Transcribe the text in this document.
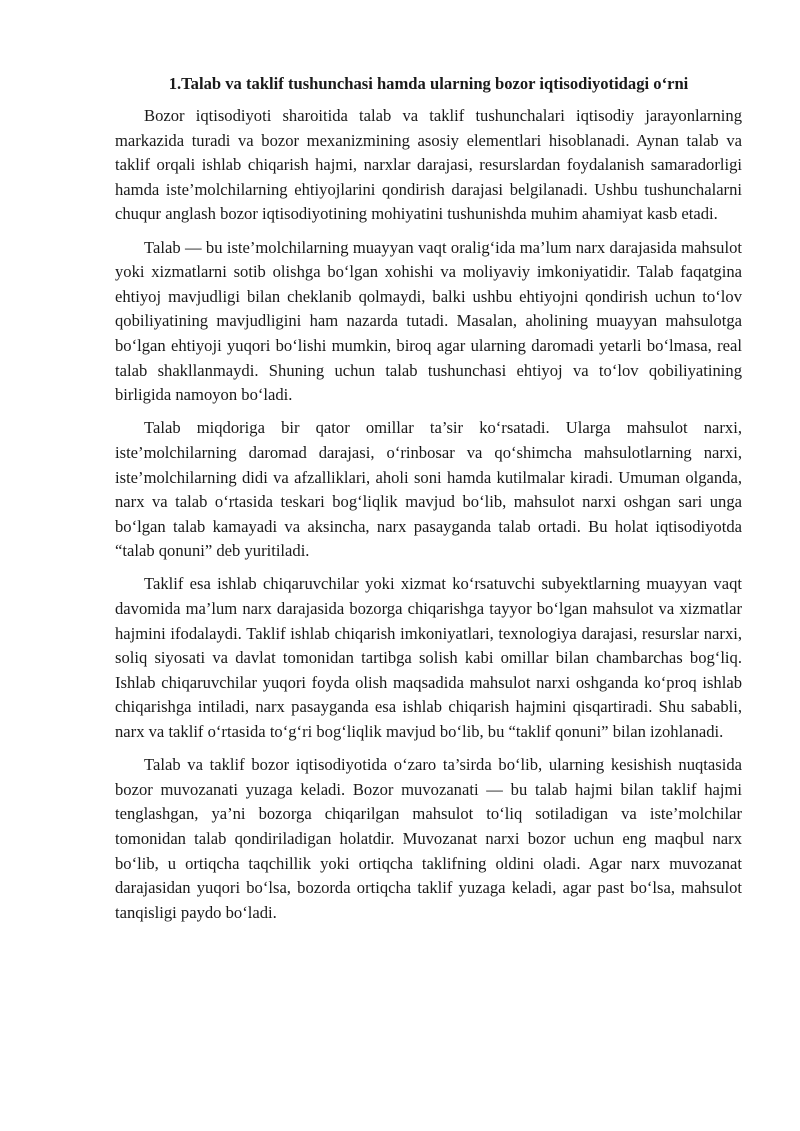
1.Talab va taklif tushunchasi hamda ularning bozor iqtisodiyotidagi o‘rni

Bozor iqtisodiyoti sharoitida talab va taklif tushunchalari iqtisodiy jarayonlarning markazida turadi va bozor mexanizmining asosiy elementlari hisoblanadi. Aynan talab va taklif orqali ishlab chiqarish hajmi, narxlar darajasi, resurslardan foydalanish samaradorligi hamda iste’molchilarning ehtiyojlarini qondirish darajasi belgilanadi. Ushbu tushunchalarni chuqur anglash bozor iqtisodiyotining mohiyatini tushunishda muhim ahamiyat kasb etadi.

Talab — bu iste’molchilarning muayyan vaqt oralig‘ida ma’lum narx darajasida mahsulot yoki xizmatlarni sotib olishga bo‘lgan xohishi va moliyaviy imkoniyatidir. Talab faqatgina ehtiyoj mavjudligi bilan cheklanib qolmaydi, balki ushbu ehtiyojni qondirish uchun to‘lov qobiliyatining mavjudligini ham nazarda tutadi. Masalan, aholining muayyan mahsulotga bo‘lgan ehtiyoji yuqori bo‘lishi mumkin, biroq agar ularning daromadi yetarli bo‘lmasa, real talab shakllanmaydi. Shuning uchun talab tushunchasi ehtiyoj va to‘lov qobiliyatining birligida namoyon bo‘ladi.

Talab miqdoriga bir qator omillar ta’sir ko‘rsatadi. Ularga mahsulot narxi, iste’molchilarning daromad darajasi, o‘rinbosar va qo‘shimcha mahsulotlarning narxi, iste’molchilarning didi va afzalliklari, aholi soni hamda kutilmalar kiradi. Umuman olganda, narx va talab o‘rtasida teskari bog‘liqlik mavjud bo‘lib, mahsulot narxi oshgan sari unga bo‘lgan talab kamayadi va aksincha, narx pasayganda talab ortadi. Bu holat iqtisodiyotda “talab qonuni” deb yuritiladi.

Taklif esa ishlab chiqaruvchilar yoki xizmat ko‘rsatuvchi subyektlarning muayyan vaqt davomida ma’lum narx darajasida bozorga chiqarishga tayyor bo‘lgan mahsulot va xizmatlar hajmini ifodalaydi. Taklif ishlab chiqarish imkoniyatlari, texnologiya darajasi, resurslar narxi, soliq siyosati va davlat tomonidan tartibga solish kabi omillar bilan chambarchas bog‘liq. Ishlab chiqaruvchilar yuqori foyda olish maqsadida mahsulot narxi oshganda ko‘proq ishlab chiqarishga intiladi, narx pasayganda esa ishlab chiqarish hajmini qisqartiradi. Shu sababli, narx va taklif o‘rtasida to‘g‘ri bog‘liqlik mavjud bo‘lib, bu “taklif qonuni” bilan izohlanadi.

Talab va taklif bozor iqtisodiyotida o‘zaro ta’sirda bo‘lib, ularning kesishish nuqtasida bozor muvozanati yuzaga keladi. Bozor muvozanati — bu talab hajmi bilan taklif hajmi tenglashgan, ya’ni bozorga chiqarilgan mahsulot to‘liq sotiladigan va iste’molchilar tomonidan talab qondiriladigan holatdir. Muvozanat narxi bozor uchun eng maqbul narx bo‘lib, u ortiqcha taqchillik yoki ortiqcha taklifning oldini oladi. Agar narx muvozanat darajasidan yuqori bo‘lsa, bozorda ortiqcha taklif yuzaga keladi, agar past bo‘lsa, mahsulot tanqisligi paydo bo‘ladi.
